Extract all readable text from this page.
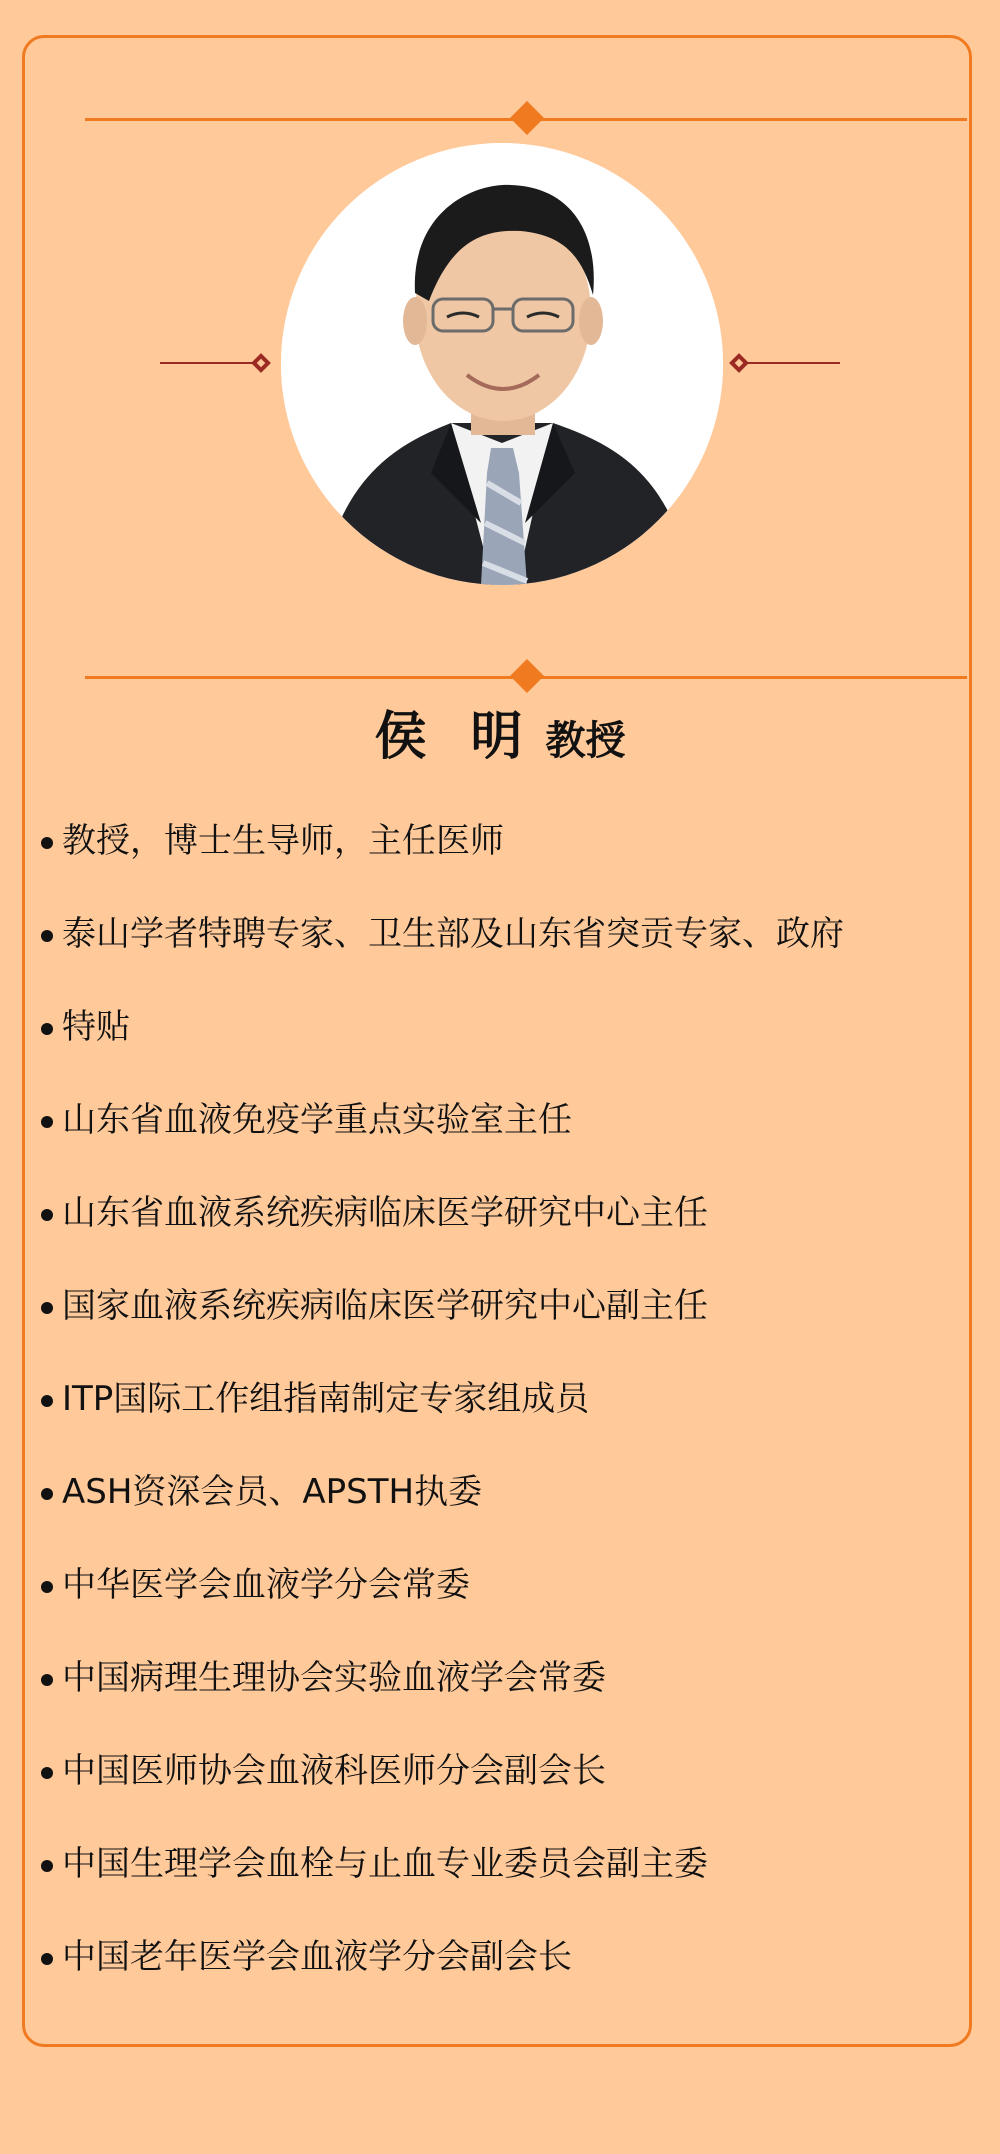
侯明 教授
教授，博士生导师，主任医师
泰山学者特聘专家、卫生部及山东省突贡专家、政府
特贴
山东省血液免疫学重点实验室主任
山东省血液系统疾病临床医学研究中心主任
国家血液系统疾病临床医学研究中心副主任
ITP国际工作组指南制定专家组成员
ASH资深会员、APSTH执委
中华医学会血液学分会常委
中国病理生理协会实验血液学会常委
中国医师协会血液科医师分会副会长
中国生理学会血栓与止血专业委员会副主委
中国老年医学会血液学分会副会长
